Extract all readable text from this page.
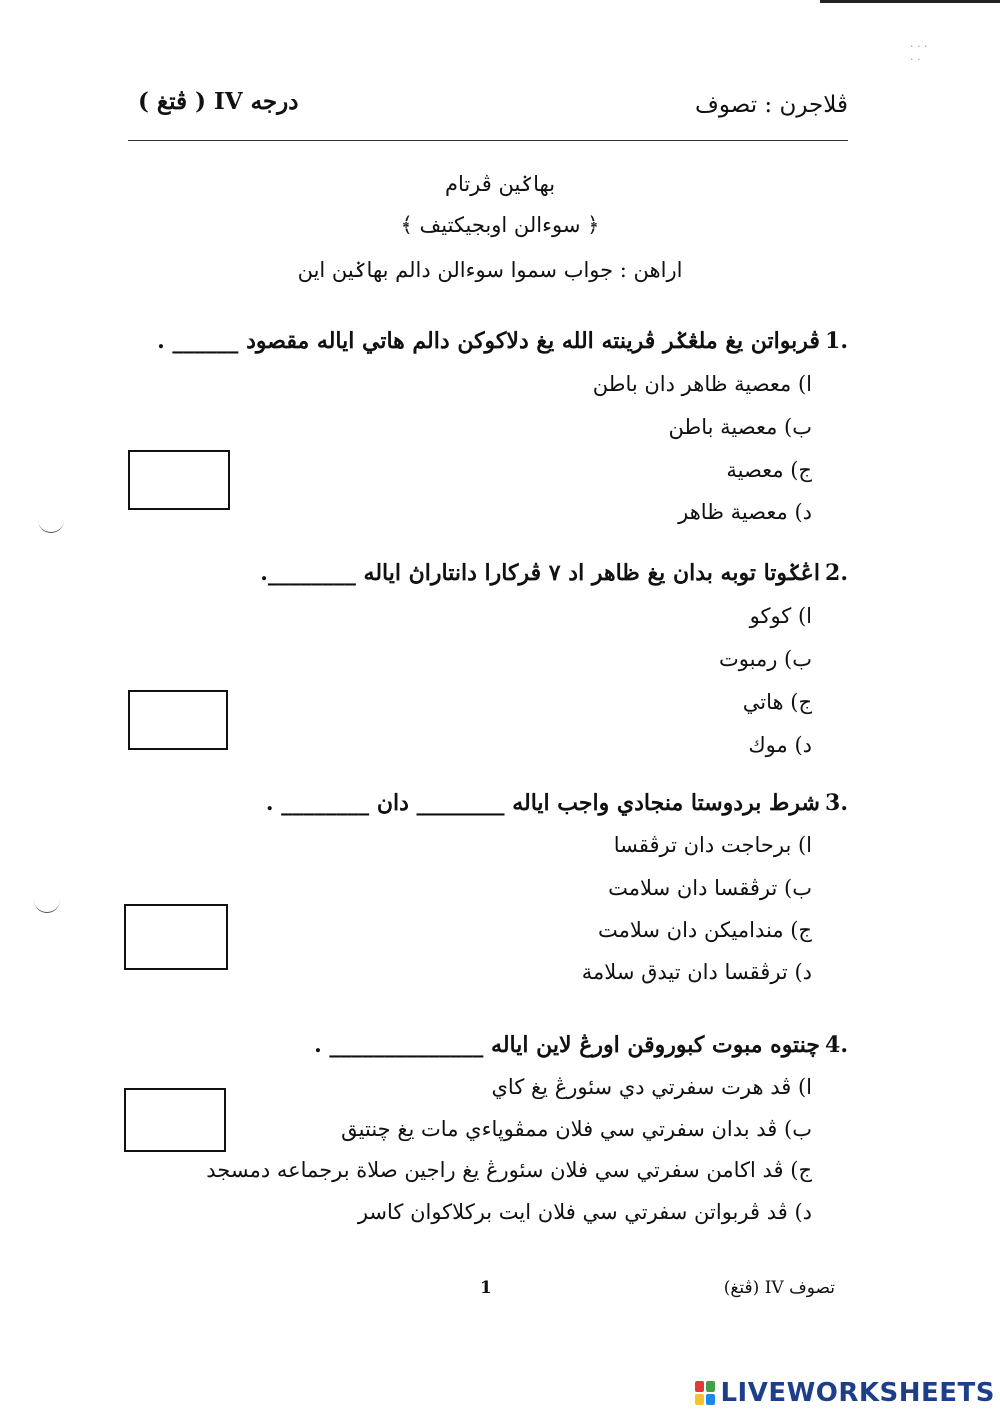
· · ·
· ·
ڤلاجرن : تصوف
درجه IV ( ڤتغ )
بهاݢين ڤرتام
﴿ سوءالن اوبجيکتيف ﴾
اراهن : جواب سموا سوءالن دالم بهاݢين اين
ڤربواتن يغ ملڠݢر ڤرينته الله يغ دلاکوکن دالم هاتي اياله مقصود ______ . 1.
ا) معصية ظاهر دان باطن
ب) معصية باطن
ج) معصية
د) معصية ظاهر
اڠݢوتا توبه بدان يغ ظاهر اد ٧ ڤرکارا دانتاراڽ اياله ________. 2.
ا) کوکو
ب) رمبوت
ج) هاتي
د) موك
شرط بردوستا منجادي واجب اياله ________ دان ________ . 3.
ا) برحاجت دان ترڤقسا
ب) ترڤقسا دان سلامت
ج) منداميکن دان سلامت
د) ترڤقسا دان تيدق سلامة
چنتوه مبوت کبوروقن اورڠ لاين اياله ______________ . 4.
ا) ڤد هرت سفرتي دي سئورڠ يغ کاي
ب) ڤد بدان سفرتي سي فلان ممڤوڽاءي مات يغ چنتيق
ج) ڤد اکامن سفرتي سي فلان سئورڠ يغ راجين صلاة برجماعه دمسجد
د) ڤد ڤربواتن سفرتي سي فلان ايت برکلاکوان کاسر
1	تصوف IV (ڤتغ)
LIVEWORKSHEETS
